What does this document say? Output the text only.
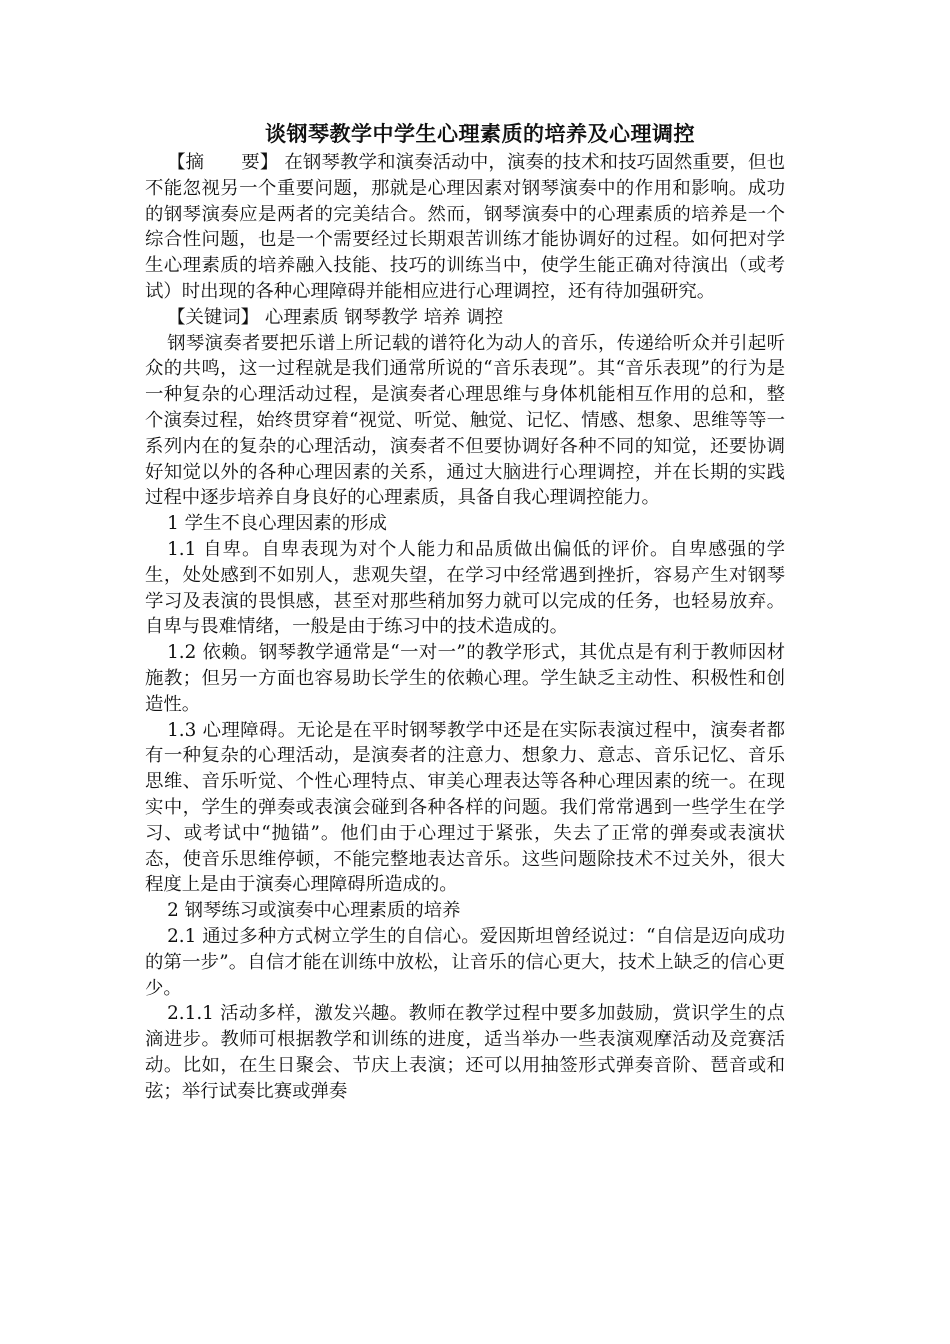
谈钢琴教学中学生心理素质的培养及心理调控

【摘　　要】 在钢琴教学和演奏活动中，演奏的技术和技巧固然重要，但也不能忽视另一个重要问题，那就是心理因素对钢琴演奏中的作用和影响。成功的钢琴演奏应是两者的完美结合。然而，钢琴演奏中的心理素质的培养是一个综合性问题，也是一个需要经过长期艰苦训练才能协调好的过程。如何把对学生心理素质的培养融入技能、技巧的训练当中，使学生能正确对待演出（或考试）时出现的各种心理障碍并能相应进行心理调控，还有待加强研究。

【关键词】 心理素质 钢琴教学 培养 调控

钢琴演奏者要把乐谱上所记载的谱符化为动人的音乐，传递给听众并引起听众的共鸣，这一过程就是我们通常所说的“音乐表现”。其“音乐表现”的行为是一种复杂的心理活动过程，是演奏者心理思维与身体机能相互作用的总和，整个演奏过程，始终贯穿着“视觉、听觉、触觉、记忆、情感、想象、思维等等一系列内在的复杂的心理活动，演奏者不但要协调好各种不同的知觉，还要协调好知觉以外的各种心理因素的关系，通过大脑进行心理调控，并在长期的实践过程中逐步培养自身良好的心理素质，具备自我心理调控能力。

1 学生不良心理因素的形成

1.1 自卑。自卑表现为对个人能力和品质做出偏低的评价。自卑感强的学生，处处感到不如别人，悲观失望，在学习中经常遇到挫折，容易产生对钢琴学习及表演的畏惧感，甚至对那些稍加努力就可以完成的任务，也轻易放弃。自卑与畏难情绪，一般是由于练习中的技术造成的。

1.2 依赖。钢琴教学通常是“一对一”的教学形式，其优点是有利于教师因材施教；但另一方面也容易助长学生的依赖心理。学生缺乏主动性、积极性和创造性。

1.3 心理障碍。无论是在平时钢琴教学中还是在实际表演过程中，演奏者都有一种复杂的心理活动，是演奏者的注意力、想象力、意志、音乐记忆、音乐思维、音乐听觉、个性心理特点、审美心理表达等各种心理因素的统一。在现实中，学生的弹奏或表演会碰到各种各样的问题。我们常常遇到一些学生在学习、或考试中“抛锚”。他们由于心理过于紧张，失去了正常的弹奏或表演状态，使音乐思维停顿，不能完整地表达音乐。这些问题除技术不过关外，很大程度上是由于演奏心理障碍所造成的。

2 钢琴练习或演奏中心理素质的培养

2.1 通过多种方式树立学生的自信心。爱因斯坦曾经说过：“自信是迈向成功的第一步”。自信才能在训练中放松，让音乐的信心更大，技术上缺乏的信心更少。

2.1.1 活动多样，激发兴趣。教师在教学过程中要多加鼓励，赏识学生的点滴进步。教师可根据教学和训练的进度，适当举办一些表演观摩活动及竞赛活动。比如，在生日聚会、节庆上表演；还可以用抽签形式弹奏音阶、琶音或和弦；举行试奏比赛或弹奏
